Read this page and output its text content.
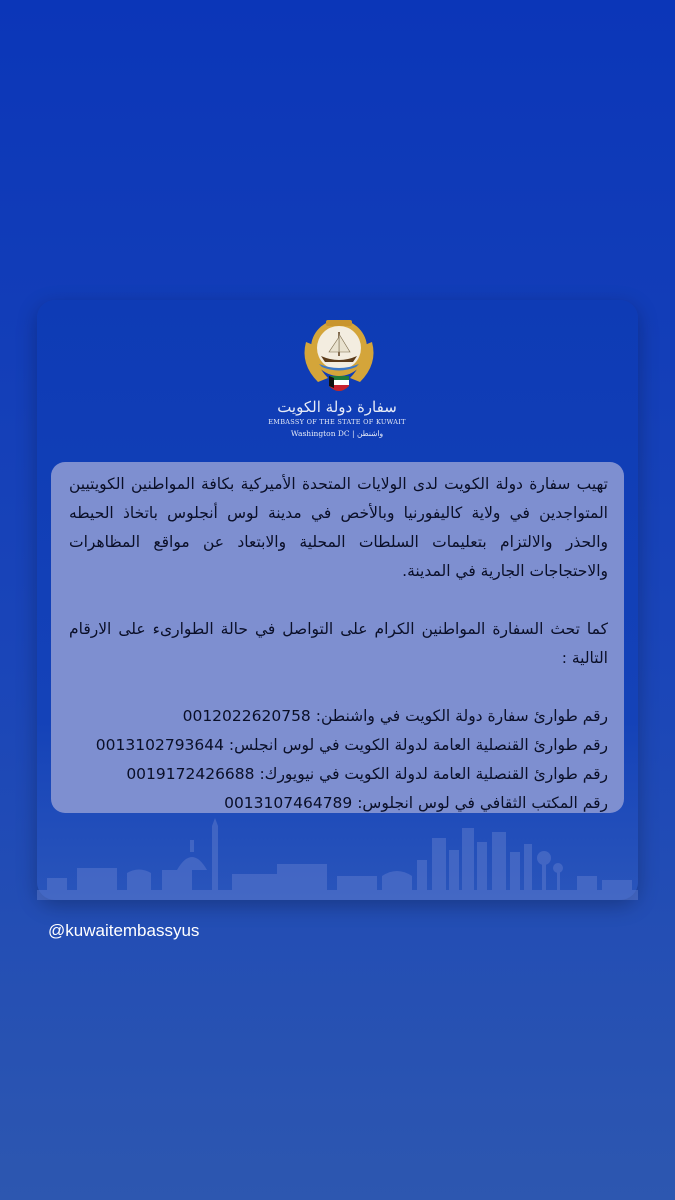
سفارة دولة الكويت
EMBASSY OF THE STATE OF KUWAIT
Washington DC | واشنطن

تهيب سفارة دولة الكويت لدى الولايات المتحدة الأميركية بكافة المواطنين الكويتيين المتواجدين في ولاية كاليفورنيا وبالأخص في مدينة لوس أنجلوس باتخاذ الحيطه والحذر والالتزام بتعليمات السلطات المحلية والابتعاد عن مواقع المظاهرات والاحتجاجات الجارية في المدينة.

كما تحث السفارة المواطنين الكرام على التواصل في حالة الطوارىء على الارقام التالية :

رقم طوارئ سفارة دولة الكويت في واشنطن: 0012022620758

رقم طوارئ القنصلية العامة لدولة الكويت في لوس انجلس: 0013102793644

رقم طوارئ القنصلية العامة لدولة الكويت في نيويورك: 0019172426688

رقم المكتب الثقافي في لوس انجلوس: 0013107464789

@kuwaitembassyus
